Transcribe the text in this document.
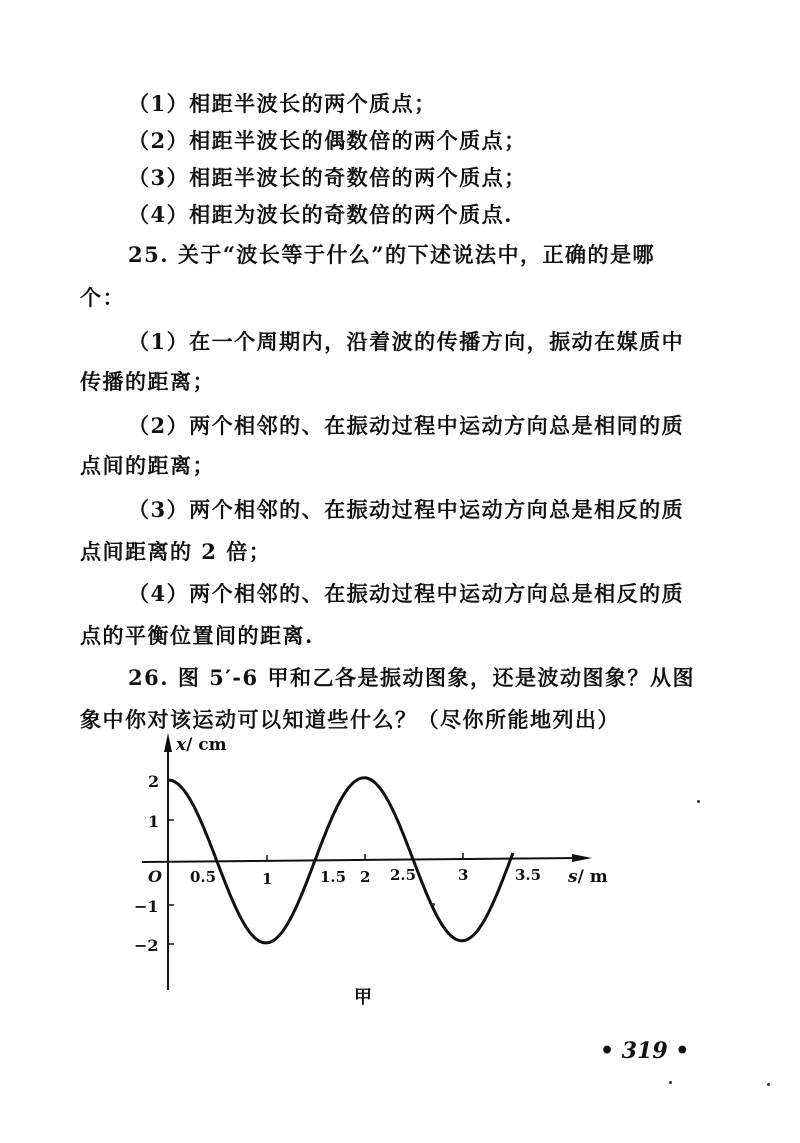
（1）相距半波长的两个质点；
（2）相距半波长的偶数倍的两个质点；
（3）相距半波长的奇数倍的两个质点；
（4）相距为波长的奇数倍的两个质点.
25. 关于“波长等于什么”的下述说法中，正确的是哪
个：
（1）在一个周期内，沿着波的传播方向，振动在媒质中
传播的距离；
（2）两个相邻的、在振动过程中运动方向总是相同的质
点间的距离；
（3）两个相邻的、在振动过程中运动方向总是相反的质
点间距离的 2 倍；
（4）两个相邻的、在振动过程中运动方向总是相反的质
点的平衡位置间的距离.
26. 图 5′-6 甲和乙各是振动图象，还是波动图象？从图
象中你对该运动可以知道些什么？（尽你所能地列出）
x/ cm
2
1
−1
−2
O 0.5	1	1.5 2 2.5	3	3.5 s/ m
甲
• 319 •
